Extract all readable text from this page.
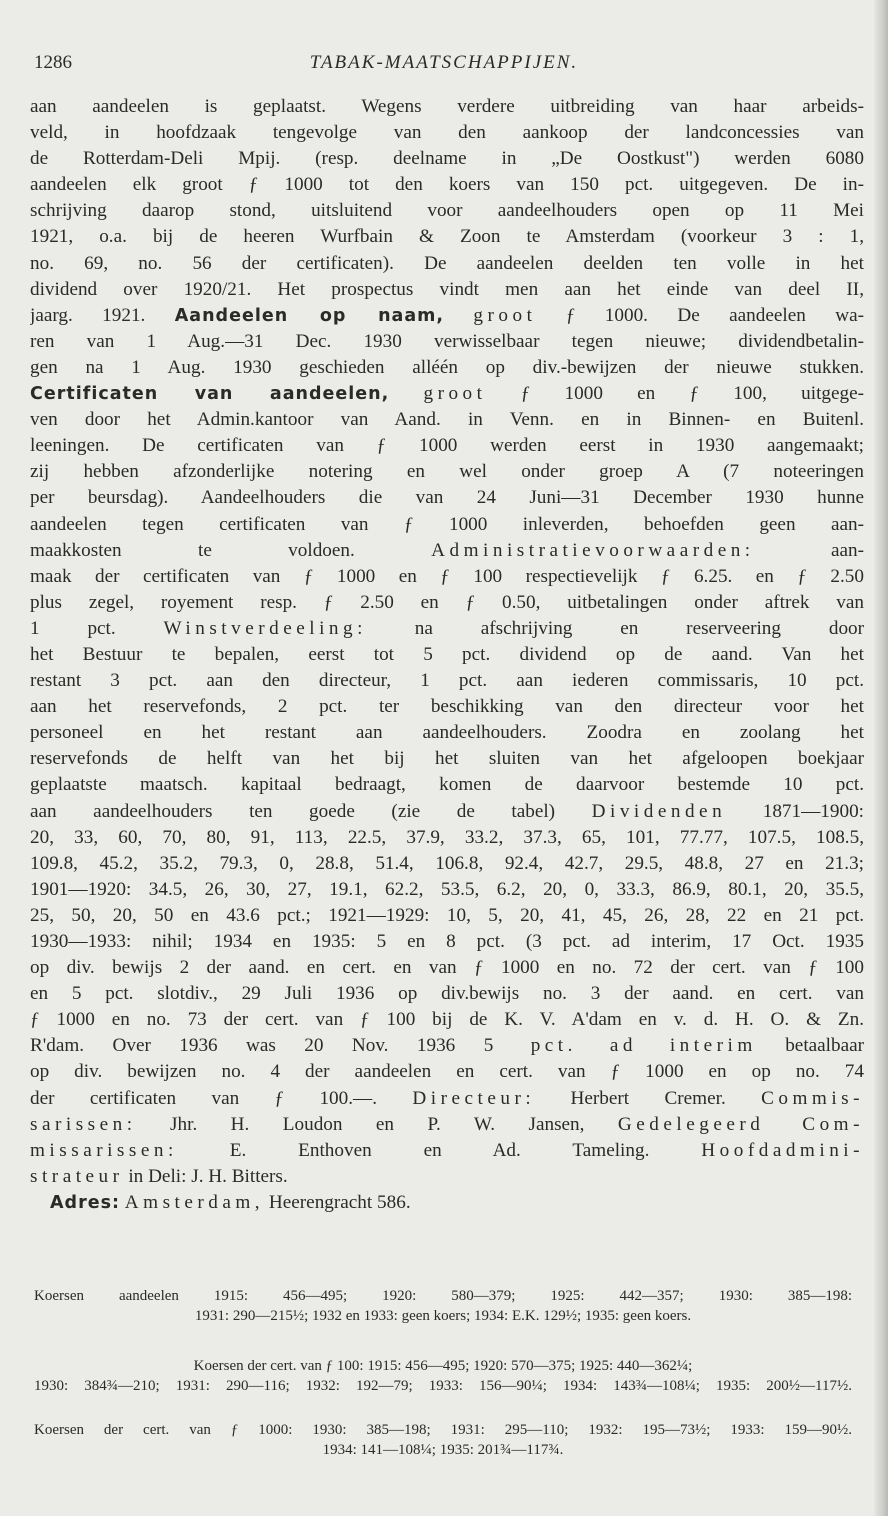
TABAK-MAATSCHAPPIJEN.
1286
aan aandeelen is geplaatst. Wegens verdere uitbreiding van haar arbeids-
veld, in hoofdzaak tengevolge van den aankoop der landconcessies van
de Rotterdam-Deli Mpij. (resp. deelname in „De Oostkust") werden 6080
aandeelen elk groot ƒ 1000 tot den koers van 150 pct. uitgegeven. De in-
schrijving daarop stond, uitsluitend voor aandeelhouders open op 11 Mei
1921, o.a. bij de heeren Wurfbain & Zoon te Amsterdam (voorkeur 3 : 1,
no. 69, no. 56 der certificaten). De aandeelen deelden ten volle in het
dividend over 1920/21. Het prospectus vindt men aan het einde van deel II,
jaarg. 1921. Aandeelen op naam, groot ƒ 1000. De aandeelen wa-
ren van 1 Aug.—31 Dec. 1930 verwisselbaar tegen nieuwe; dividendbetalin-
gen na 1 Aug. 1930 geschieden alléén op div.-bewijzen der nieuwe stukken.
Certificaten van aandeelen, groot ƒ 1000 en ƒ 100, uitgege-
ven door het Admin.kantoor van Aand. in Venn. en in Binnen- en Buitenl.
leeningen. De certificaten van ƒ 1000 werden eerst in 1930 aangemaakt;
zij hebben afzonderlijke notering en wel onder groep A (7 noteeringen
per beursdag). Aandeelhouders die van 24 Juni—31 December 1930 hunne
aandeelen tegen certificaten van ƒ 1000 inleverden, behoefden geen aan-
maakkosten te voldoen.	Administratievoorwaarden:	aan-
maak der certificaten van ƒ 1000 en ƒ 100 respectievelijk ƒ 6.25. en ƒ 2.50
plus zegel, royement resp. ƒ 2.50 en ƒ 0.50, uitbetalingen onder aftrek van
1 pct. Winstverdeeling: na afschrijving en reserveering door
het Bestuur te bepalen, eerst tot 5 pct. dividend op de aand. Van het
restant 3 pct. aan den directeur, 1 pct. aan iederen commissaris, 10 pct.
aan het reservefonds, 2 pct. ter beschikking van den directeur voor het
personeel en het restant aan aandeelhouders. Zoodra en zoolang het
reservefonds de helft van het bij het sluiten van het afgeloopen boekjaar
geplaatste maatsch. kapitaal bedraagt, komen de daarvoor bestemde 10 pct.
aan aandeelhouders ten goede (zie de tabel) Dividenden 1871—1900:
20, 33, 60, 70, 80, 91, 113, 22.5, 37.9, 33.2, 37.3, 65, 101, 77.77, 107.5, 108.5,
109.8, 45.2, 35.2, 79.3, 0, 28.8, 51.4, 106.8, 92.4, 42.7, 29.5, 48.8, 27 en 21.3;
1901—1920: 34.5, 26, 30, 27, 19.1, 62.2, 53.5, 6.2, 20, 0, 33.3, 86.9, 80.1, 20, 35.5,
25, 50, 20, 50 en 43.6 pct.; 1921—1929: 10, 5, 20, 41, 45, 26, 28, 22 en 21 pct.
1930—1933: nihil; 1934 en 1935: 5 en 8 pct. (3 pct. ad interim, 17 Oct. 1935
op div. bewijs 2 der aand. en cert. en van ƒ 1000 en no. 72 der cert. van ƒ 100
en 5 pct. slotdiv., 29 Juli 1936 op div.bewijs no. 3 der aand. en cert. van
ƒ 1000 en no. 73 der cert. van ƒ 100 bij de K. V. A'dam en v. d. H. O. & Zn.
R'dam. Over 1936 was 20 Nov. 1936 5 pct. ad interim betaalbaar
op div. bewijzen no. 4 der aandeelen en cert. van ƒ 1000 en op no. 74
der certificaten van ƒ 100.—. Directeur: Herbert Cremer. Commis-
sarissen: Jhr. H. Loudon en P. W. Jansen, Gedelegeerd Com-
missarissen:	E. Enthoven en Ad. Tameling.	Hoofdadmini-
strateur in Deli: J. H. Bitters.
Adres: Amsterdam, Heerengracht 586.
Koersen aandeelen 1915: 456—495; 1920: 580—379; 1925: 442—357; 1930: 385—198:
1931: 290—215½; 1932 en 1933: geen koers; 1934: E.K. 129½; 1935: geen koers.
Koersen der cert. van ƒ 100: 1915: 456—495; 1920: 570—375; 1925: 440—362¼;
1930: 384¾—210; 1931: 290—116; 1932: 192—79; 1933: 156—90¼; 1934: 143¾—108¼; 1935: 200½—117½.
Koersen der cert. van ƒ 1000: 1930: 385—198; 1931: 295—110; 1932: 195—73½; 1933: 159—90½.
1934: 141—108¼; 1935: 201¾—117¾.
